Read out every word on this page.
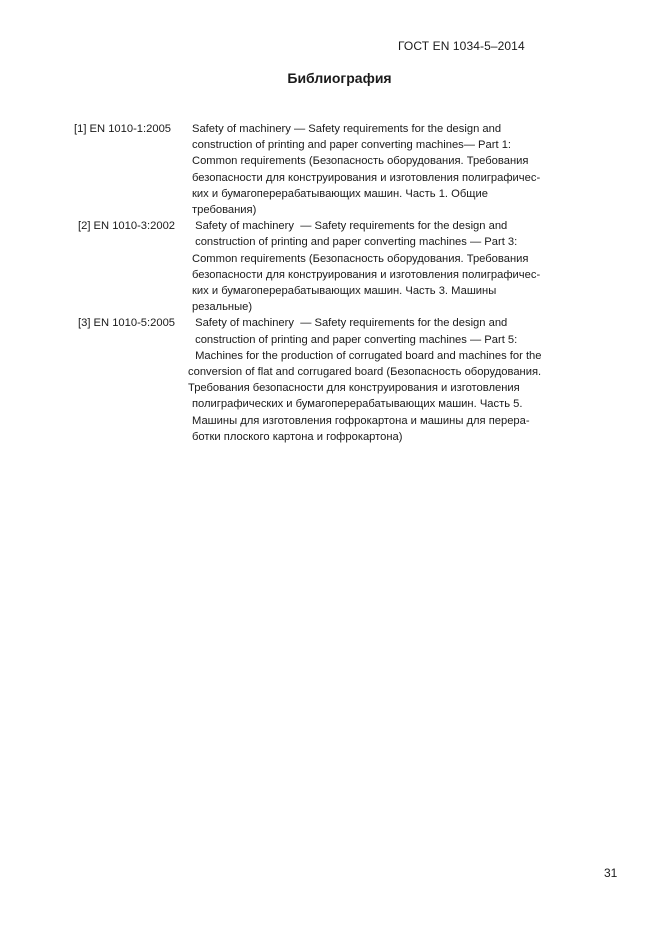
ГОСТ EN 1034-5–2014
Библиография
[1] EN 1010-1:2005 Safety of machinery — Safety requirements for the design and
construction of printing and paper converting machines— Part 1:
Common requirements (Безопасность оборудования. Требования
безопасности для конструирования и изготовления полиграфичес-
ких и бумагоперерабатывающих машин. Часть 1. Общие
требования)
[2] EN 1010-3:2002 Safety of machinery  — Safety requirements for the design and
construction of printing and paper converting machines — Part 3:
Common requirements (Безопасность оборудования. Требования
безопасности для конструирования и изготовления полиграфичес-
ких и бумагоперерабатывающих машин. Часть 3. Машины
резальные)
[3] EN 1010-5:2005 Safety of machinery  — Safety requirements for the design and
construction of printing and paper converting machines — Part 5:
Machines for the production of corrugated board and machines for the
conversion of flat and corrugared board (Безопасность оборудования.
Требования безопасности для конструирования и изготовления
полиграфических и бумагоперерабатывающих машин. Часть 5.
Машины для изготовления гофрокартона и машины для перера-
ботки плоского картона и гофрокартона)
31
